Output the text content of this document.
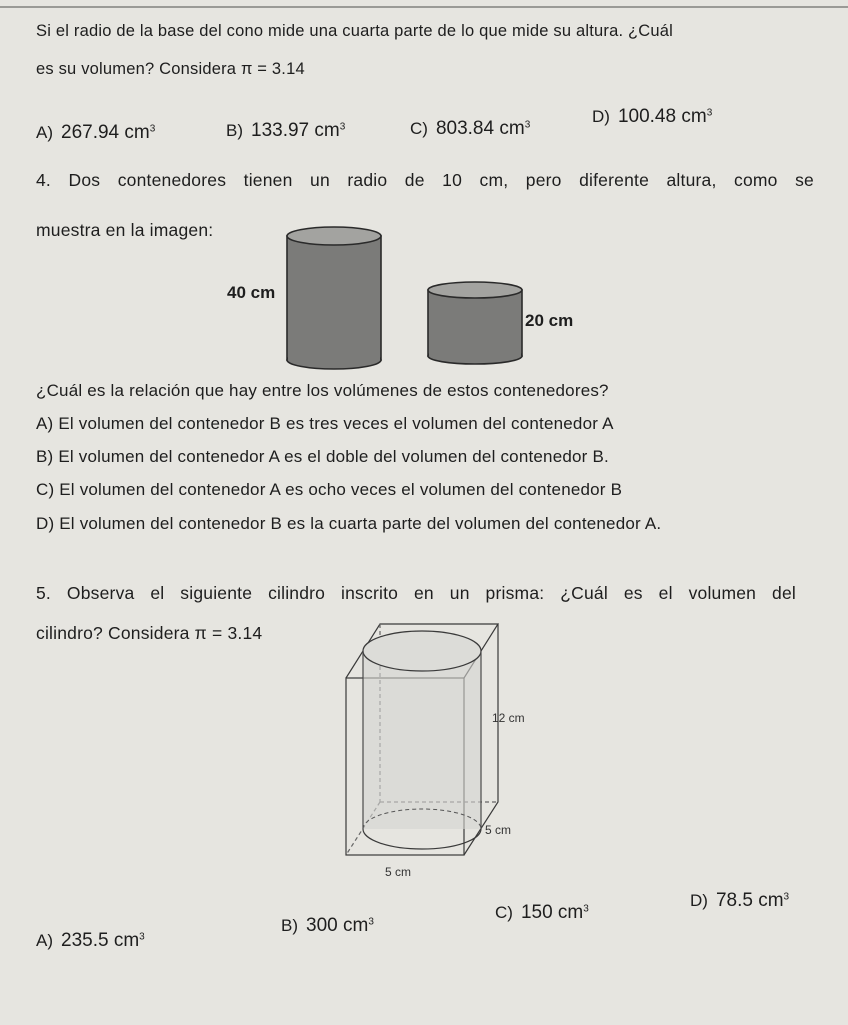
Si el radio de la base del cono mide una cuarta parte de lo que mide su altura. ¿Cuál
es su volumen? Considera π = 3.14
A) 267.94 $cm^3$	B) 133.97 $cm^3$	C) 803.84 $cm^3$	D) 100.48 $cm^3$
4. Dos contenedores tienen un radio de 10 cm, pero diferente altura, como se
muestra en la imagen:
40 cm
20 cm
¿Cuál es la relación que hay entre los volúmenes de estos contenedores?
A) El volumen del contenedor B es tres veces el volumen del contenedor A
B) El volumen del contenedor A es el doble del volumen del contenedor B.
C) El volumen del contenedor A es ocho veces el volumen del contenedor B
D) El volumen del contenedor B es la cuarta parte del volumen del contenedor A.
5. Observa el siguiente cilindro inscrito en un prisma: ¿Cuál es el volumen del
cilindro? Considera π = 3.14
12 cm
5 cm
5 cm
A) 235.5 $cm^3$
B) 300 $cm^3$	C) 150 $cm^3$	D) 78.5 $cm^3$
